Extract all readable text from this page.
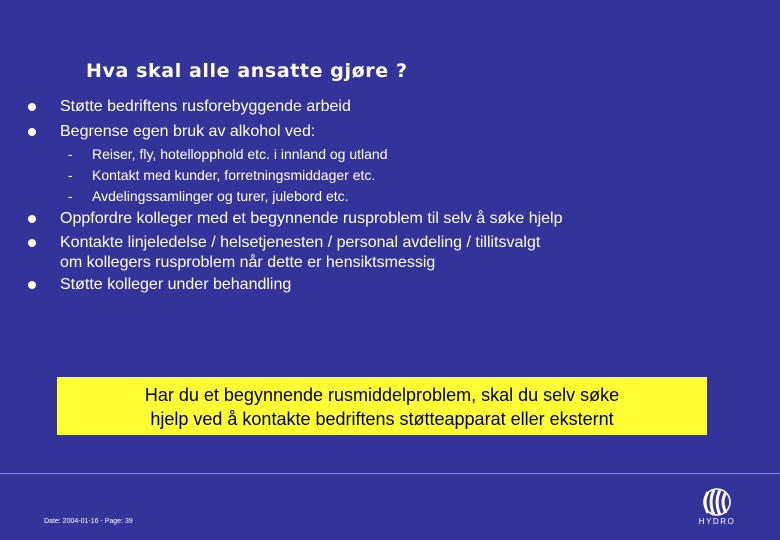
Hva skal alle ansatte gjøre ?
Støtte bedriftens rusforebyggende arbeid
Begrense egen bruk av alkohol ved:
-	Reiser, fly, hotellopphold etc. i innland og utland
-	Kontakt med kunder, forretningsmiddager etc.
-	Avdelingssamlinger og turer, julebord etc.
Oppfordre kolleger med et begynnende rusproblem til selv å søke hjelp
Kontakte linjeledelse / helsetjenesten / personal avdeling / tillitsvalgt
om kollegers rusproblem når dette er hensiktsmessig
Støtte kolleger under behandling
Har du et begynnende rusmiddelproblem, skal du selv søke
hjelp ved å kontakte bedriftens støtteapparat eller eksternt
Date: 2004-01-16 - Page: 39	HYDRO
